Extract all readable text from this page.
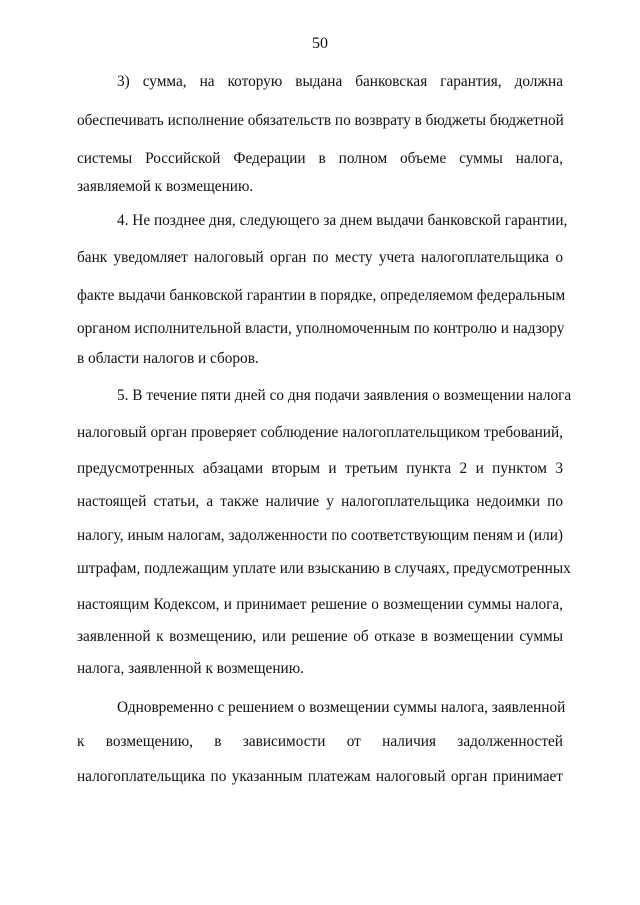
50
3) сумма, на которую выдана банковская гарантия, должна
обеспечивать исполнение обязательств по возврату в бюджеты бюджетной
системы Российской Федерации в полном объеме суммы налога,
заявляемой к возмещению.
4. Не позднее дня, следующего за днем выдачи банковской гарантии,
банк уведомляет налоговый орган по месту учета налогоплательщика о
факте выдачи банковской гарантии в порядке, определяемом федеральным
органом исполнительной власти, уполномоченным по контролю и надзору
в области налогов и сборов.
5. В течение пяти дней со дня подачи заявления о возмещении налога
налоговый орган проверяет соблюдение налогоплательщиком требований,
предусмотренных абзацами вторым и третьим пункта 2 и пунктом 3
настоящей статьи, а также наличие у налогоплательщика недоимки по
налогу, иным налогам, задолженности по соответствующим пеням и (или)
штрафам, подлежащим уплате или взысканию в случаях, предусмотренных
настоящим Кодексом, и принимает решение о возмещении суммы налога,
заявленной к возмещению, или решение об отказе в возмещении суммы
налога, заявленной к возмещению.
Одновременно с решением о возмещении суммы налога, заявленной
к возмещению, в зависимости от наличия задолженностей
налогоплательщика по указанным платежам налоговый орган принимает
